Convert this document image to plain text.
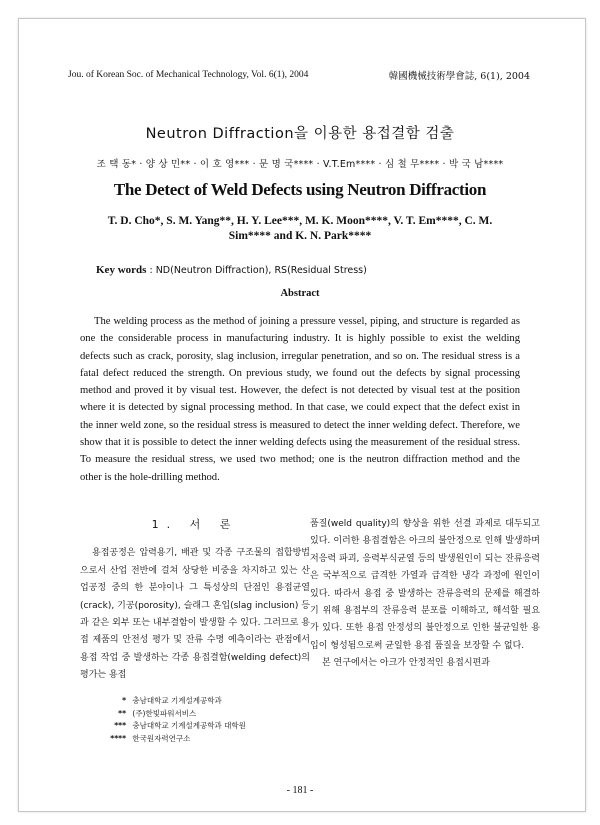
Jou. of Korean Soc. of Mechanical Technology, Vol. 6(1), 2004	韓國機械技術學會誌, 6(1), 2004
Neutron Diffraction을 이용한 용접결함 검출
조 택 동* · 양 상 민** · 이 호 영*** · 문 명 국**** · V.T.Em**** · 심 철 무**** · 박 국 남****
The Detect of Weld Defects using Neutron Diffraction
T. D. Cho*, S. M. Yang**, H. Y. Lee***, M. K. Moon****, V. T. Em****, C. M. Sim**** and K. N. Park****
Key words : ND(Neutron Diffraction), RS(Residual Stress)
Abstract
The welding process as the method of joining a pressure vessel, piping, and structure is regarded as one the considerable process in manufacturing industry. It is highly possible to exist the welding defects such as crack, porosity, slag inclusion, irregular penetration, and so on. The residual stress is a fatal defect reduced the strength. On previous study, we found out the defects by signal processing method and proved it by visual test. However, the defect is not detected by visual test at the position where it is detected by signal processing method. In that case, we could expect that the defect exist in the inner weld zone, so the residual stress is measured to detect the inner welding defect. Therefore, we show that it is possible to detect the inner welding defects using the measurement of the residual stress. To measure the residual stress, we used two method; one is the neutron diffraction method and the other is the hole-drilling method.
1. 서 론

용접공정은 압력용기, 배관 및 각종 구조물의 접합방법으로서 산업 전반에 걸쳐 상당한 비중을 차지하고 있는 산업공정 중의 한 분야이나 그 특성상의 단점인 용접균열(crack), 기공(porosity), 슬래그 혼입(slag inclusion) 등과 같은 외부 또는 내부결함이 발생할 수 있다. 그러므로 용접 제품의 안전성 평가 및 잔류 수명 예측이라는 관점에서 용접 작업 중 발생하는 각종 용접결함(welding defect)의 평가는 용접

품질(weld quality)의 향상을 위한 선결 과제로 대두되고 있다. 이러한 용접결함은 아크의 불안정으로 인해 발생하며 저응력 파괴, 응력부식균열 등의 발생원인이 되는 잔류응력은 국부적으로 급격한 가열과 급격한 냉각 과정에 원인이 있다. 따라서 용접 중 발생하는 잔류응력의 문제를 해결하기 위해 용접부의 잔류응력 분포를 이해하고, 해석할 필요가 있다. 또한 용접 안정성의 불안정으로 인한 불균일한 용입이 형성됨으로써 균일한 용접 품질을 보장할 수 없다.

본 연구에서는 아크가 안정적인 용접시편과

* 충남대학교 기계설계공학과
** (주)한빛파워서비스
*** 충남대학교 기계설계공학과 대학원
**** 한국원자력연구소
- 181 -
